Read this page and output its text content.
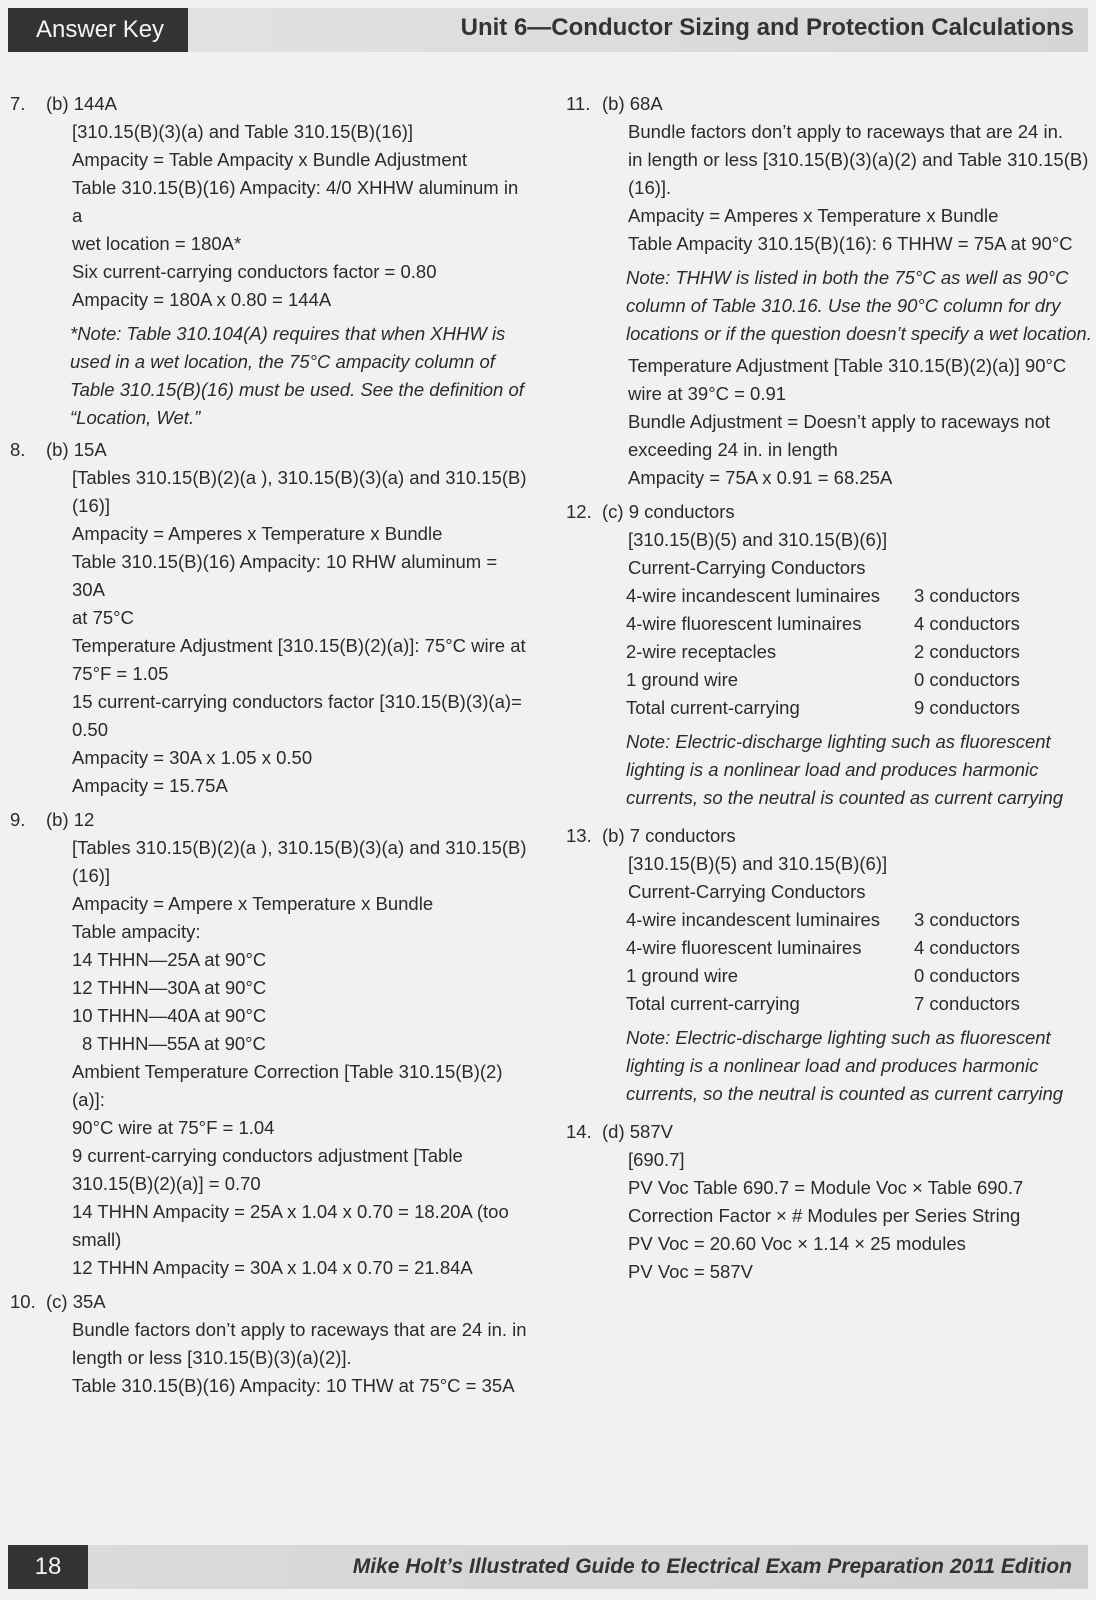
Answer Key	Unit 6—Conductor Sizing and Protection Calculations
7. (b) 144A
[310.15(B)(3)(a) and Table 310.15(B)(16)]
Ampacity = Table Ampacity x Bundle Adjustment
Table 310.15(B)(16) Ampacity: 4/0 XHHW aluminum in a
wet location = 180A*
Six current-carrying conductors factor = 0.80
Ampacity = 180A x 0.80 = 144A
*Note: Table 310.104(A) requires that when XHHW is
used in a wet location, the 75°C ampacity column of
Table 310.15(B)(16) must be used. See the definition of
“Location, Wet.”
8. (b) 15A
[Tables 310.15(B)(2)(a ), 310.15(B)(3)(a) and 310.15(B)
(16)]
Ampacity = Amperes x Temperature x Bundle
Table 310.15(B)(16) Ampacity: 10 RHW aluminum = 30A
at 75°C
Temperature Adjustment [310.15(B)(2)(a)]: 75°C wire at
75°F = 1.05
15 current-carrying conductors factor [310.15(B)(3)(a)=
0.50
Ampacity = 30A x 1.05 x 0.50
Ampacity = 15.75A
9. (b) 12
[Tables 310.15(B)(2)(a ), 310.15(B)(3)(a) and 310.15(B)
(16)]
Ampacity = Ampere x Temperature x Bundle
Table ampacity:
14 THHN—25A at 90°C
12 THHN—30A at 90°C
10 THHN—40A at 90°C
8 THHN—55A at 90°C
Ambient Temperature Correction [Table 310.15(B)(2)(a)]:
90°C wire at 75°F = 1.04
9 current-carrying conductors adjustment [Table
310.15(B)(2)(a)] = 0.70
14 THHN Ampacity = 25A x 1.04 x 0.70 = 18.20A (too
small)
12 THHN Ampacity = 30A x 1.04 x 0.70 = 21.84A
10. (c) 35A
Bundle factors don’t apply to raceways that are 24 in. in
length or less [310.15(B)(3)(a)(2)].
Table 310.15(B)(16) Ampacity: 10 THW at 75°C = 35A
11. (b) 68A
Bundle factors don’t apply to raceways that are 24 in.
in length or less [310.15(B)(3)(a)(2) and Table 310.15(B)
(16)].
Ampacity = Amperes x Temperature x Bundle
Table Ampacity 310.15(B)(16): 6 THHW = 75A at 90°C
Note: THHW is listed in both the 75°C as well as 90°C
column of Table 310.16. Use the 90°C column for dry
locations or if the question doesn’t specify a wet location.
Temperature Adjustment [Table 310.15(B)(2)(a)] 90°C
wire at 39°C = 0.91
Bundle Adjustment = Doesn’t apply to raceways not
exceeding 24 in. in length
Ampacity = 75A x 0.91 = 68.25A
12. (c) 9 conductors
[310.15(B)(5) and 310.15(B)(6)]
Current-Carrying Conductors
4-wire incandescent luminaires	3 conductors
4-wire fluorescent luminaires	4 conductors
2-wire receptacles	2 conductors
1 ground wire	0 conductors
Total current-carrying	9 conductors
Note: Electric-discharge lighting such as fluorescent
lighting is a nonlinear load and produces harmonic
currents, so the neutral is counted as current carrying
13. (b) 7 conductors
[310.15(B)(5) and 310.15(B)(6)]
Current-Carrying Conductors
4-wire incandescent luminaires	3 conductors
4-wire fluorescent luminaires	4 conductors
1 ground wire	0 conductors
Total current-carrying	7 conductors
Note: Electric-discharge lighting such as fluorescent
lighting is a nonlinear load and produces harmonic
currents, so the neutral is counted as current carrying
14. (d) 587V
[690.7]
PV Voc Table 690.7 = Module Voc × Table 690.7
Correction Factor × # Modules per Series String
PV Voc = 20.60 Voc × 1.14 × 25 modules
PV Voc = 587V
18	Mike Holt’s Illustrated Guide to Electrical Exam Preparation 2011 Edition
